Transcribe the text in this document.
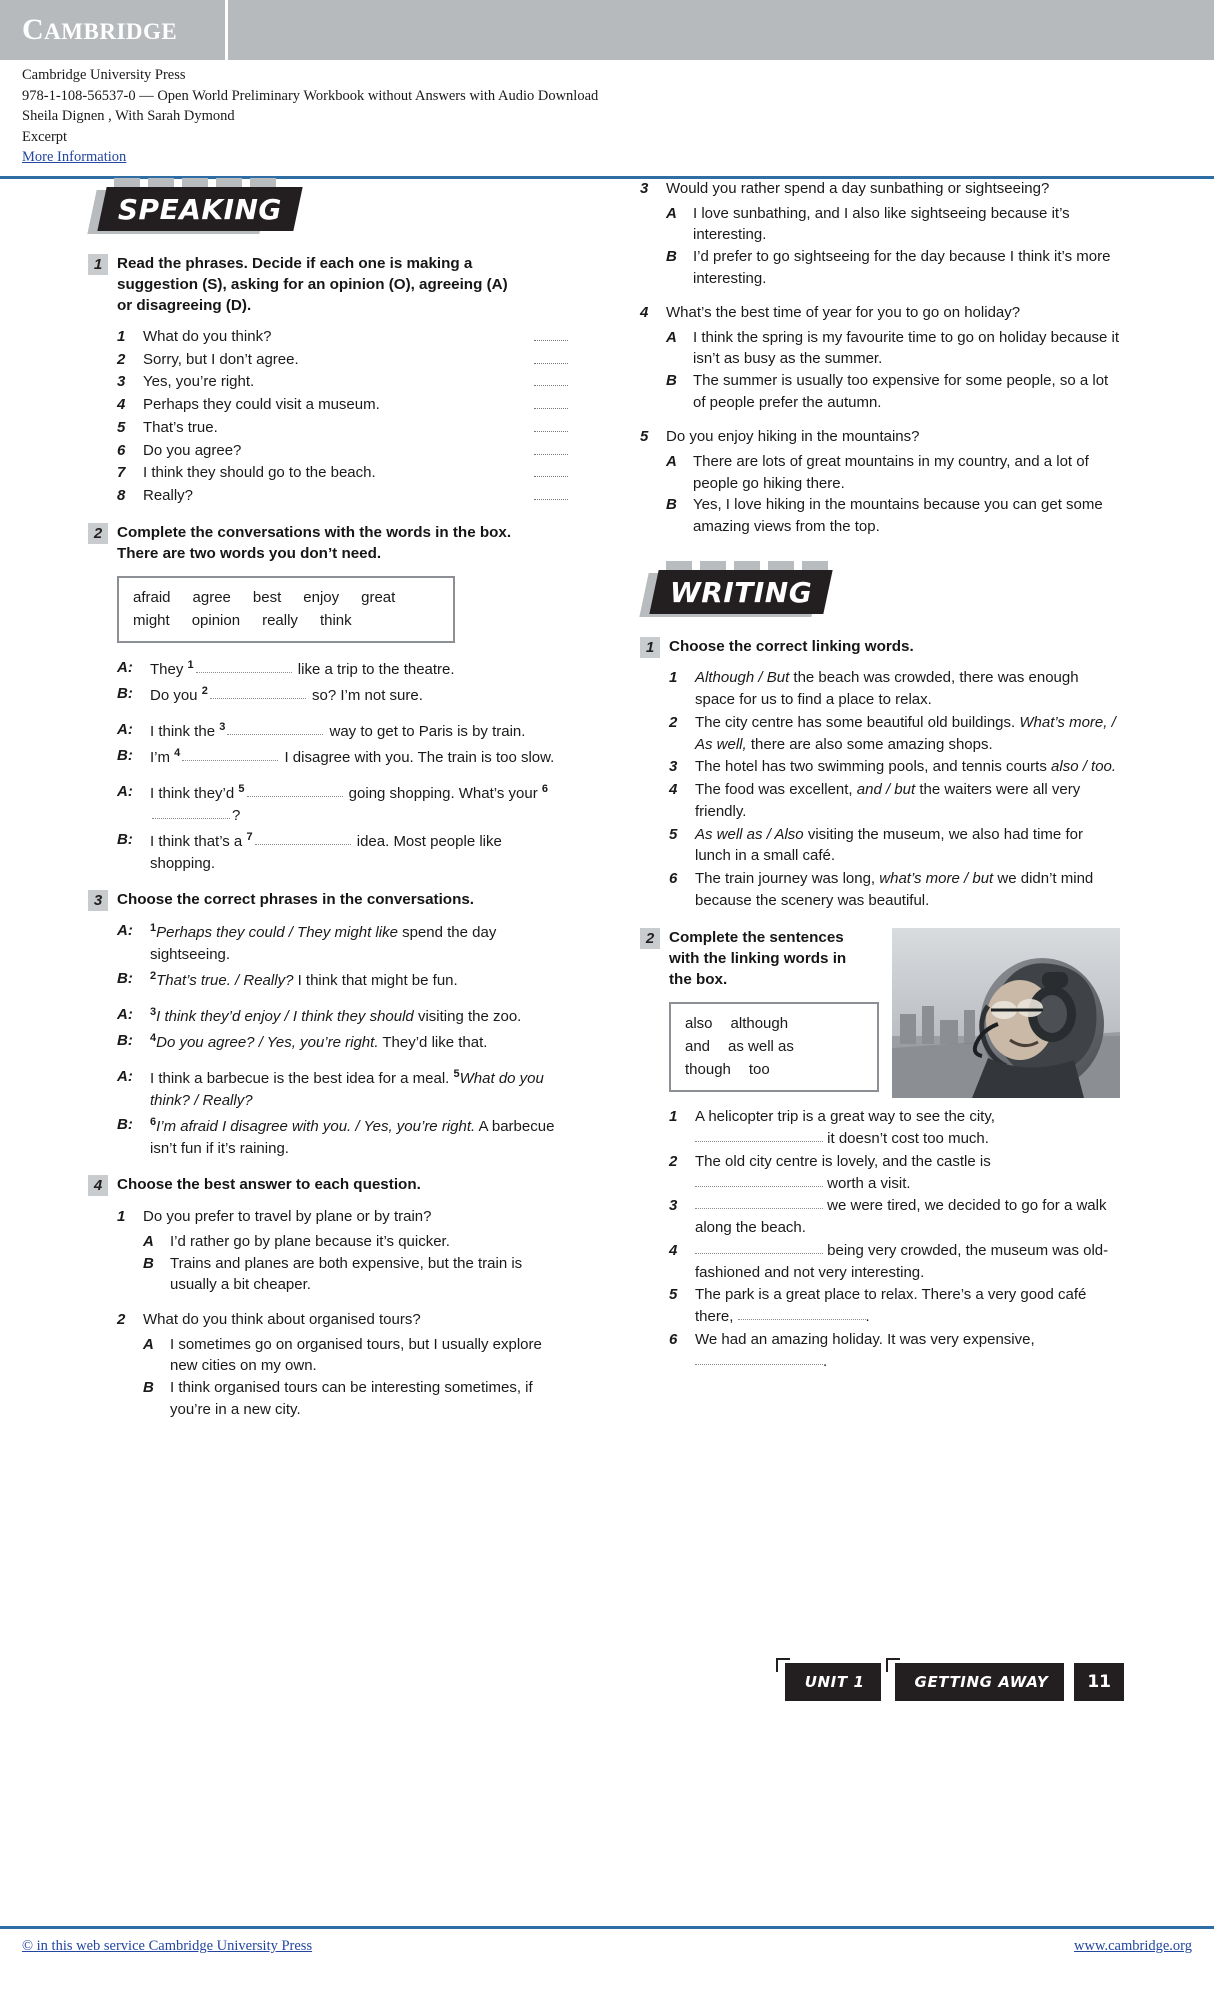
CAMBRIDGE
Cambridge University Press
978-1-108-56537-0 — Open World Preliminary Workbook without Answers with Audio Download
Sheila Dignen , With Sarah Dymond
Excerpt
More Information
SPEAKING
1 Read the phrases. Decide if each one is making a suggestion (S), asking for an opinion (O), agreeing (A) or disagreeing (D).
1	What do you think?
2	Sorry, but I don’t agree.
3	Yes, you’re right.
4	Perhaps they could visit a museum.
5	That’s true.
6	Do you agree?
7	I think they should go to the beach.
8	Really?
2 Complete the conversations with the words in the box. There are two words you don’t need.
afraid agree best enjoy great
might opinion really think
A:	They $^1$	like a trip to the theatre.
B:	Do you $^2$	so? I’m not sure.
A:	I think the $^3$	way to get to Paris is by train.
B:	I’m $^4$	I disagree with you. The train is too slow.
A:	I think they’d $^5$	going shopping. What’s your $^6$?
B:	I think that’s a $^7$	idea. Most people like shopping.
3 Choose the correct phrases in the conversations.
A:	$^1$Perhaps they could / They might like spend the day sightseeing.
B:	$^2$That’s true. / Really? I think that might be fun.
A:	$^3$I think they’d enjoy / I think they should visiting the zoo.
B:	$^4$Do you agree? / Yes, you’re right. They’d like that.
A:	I think a barbecue is the best idea for a meal. $^5$What do you think? / Really?
B:	$^6$I’m afraid I disagree with you. / Yes, you’re right. A barbecue isn’t fun if it’s raining.
4 Choose the best answer to each question.
1	Do you prefer to travel by plane or by train?
A	I’d rather go by plane because it’s quicker.
B	Trains and planes are both expensive, but the train is usually a bit cheaper.
2	What do you think about organised tours?
A	I sometimes go on organised tours, but I usually explore new cities on my own.
B	I think organised tours can be interesting sometimes, if you’re in a new city.
3	Would you rather spend a day sunbathing or sightseeing?
A	I love sunbathing, and I also like sightseeing because it’s interesting.
B	I’d prefer to go sightseeing for the day because I think it’s more interesting.
4	What’s the best time of year for you to go on holiday?
A	I think the spring is my favourite time to go on holiday because it isn’t as busy as the summer.
B	The summer is usually too expensive for some people, so a lot of people prefer the autumn.
5	Do you enjoy hiking in the mountains?
A	There are lots of great mountains in my country, and a lot of people go hiking there.
B	Yes, I love hiking in the mountains because you can get some amazing views from the top.
WRITING
1 Choose the correct linking words.
1	Although / But the beach was crowded, there was enough space for us to find a place to relax.
2	The city centre has some beautiful old buildings. What’s more, / As well, there are also some amazing shops.
3	The hotel has two swimming pools, and tennis courts also / too.
4	The food was excellent, and / but the waiters were all very friendly.
5	As well as / Also visiting the museum, we also had time for lunch in a small café.
6	The train journey was long, what’s more / but we didn’t mind because the scenery was beautiful.
2 Complete the sentences with the linking words in the box.
also although
and as well as
though too
1	A helicopter trip is a great way to see the city,  it doesn’t cost too much.
2	The old city centre is lovely, and the castle is  worth a visit.
3	we were tired, we decided to go for a walk along the beach.
4	being very crowded, the museum was old-fashioned and not very interesting.
5	The park is a great place to relax. There’s a very good café there,	.
6	We had an amazing holiday. It was very expensive, .
UNIT 1	GETTING AWAY	11
© in this web service Cambridge University Press	www.cambridge.org
